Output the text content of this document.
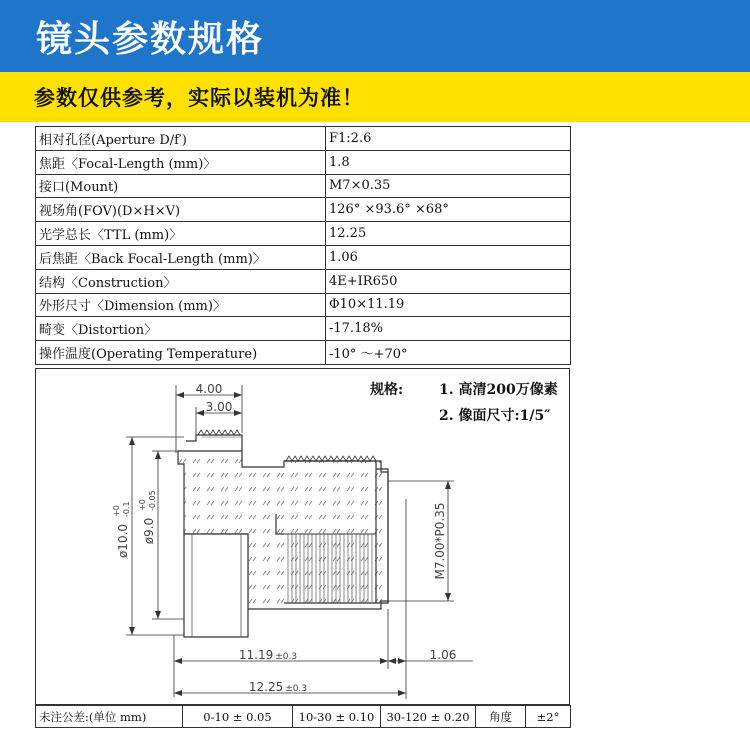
镜头参数规格
参数仅供参考，实际以装机为准！
相对孔径(Aperture D/f′)	F1:2.6
焦距〈Focal-Length (mm)〉	1.8
接口(Mount)	M7×0.35
视场角(FOV)(D×H×V)	126° ×93.6° ×68°
光学总长〈TTL (mm)〉	12.25
后焦距〈Back Focal-Length (mm)〉	1.06
结构〈Construction〉	4E+IR650
外形尺寸〈Dimension (mm)〉	Φ10×11.19
畸变〈Distortion〉	-17.18%
操作温度(Operating Temperature)	-10° ～+70°
4.00
3.00
ø10.0
+0 -0.1
ø9.0
+0 -0.05
M7.00*P0.35
11.19 ±0.3	1.06
12.25 ±0.3
规格:	1. 高清200万像素
2. 像面尺寸:1/5″
未注公差:(单位 mm)	0-10 ± 0.05	10-30 ± 0.10	30-120 ± 0.20	角度	±2°
